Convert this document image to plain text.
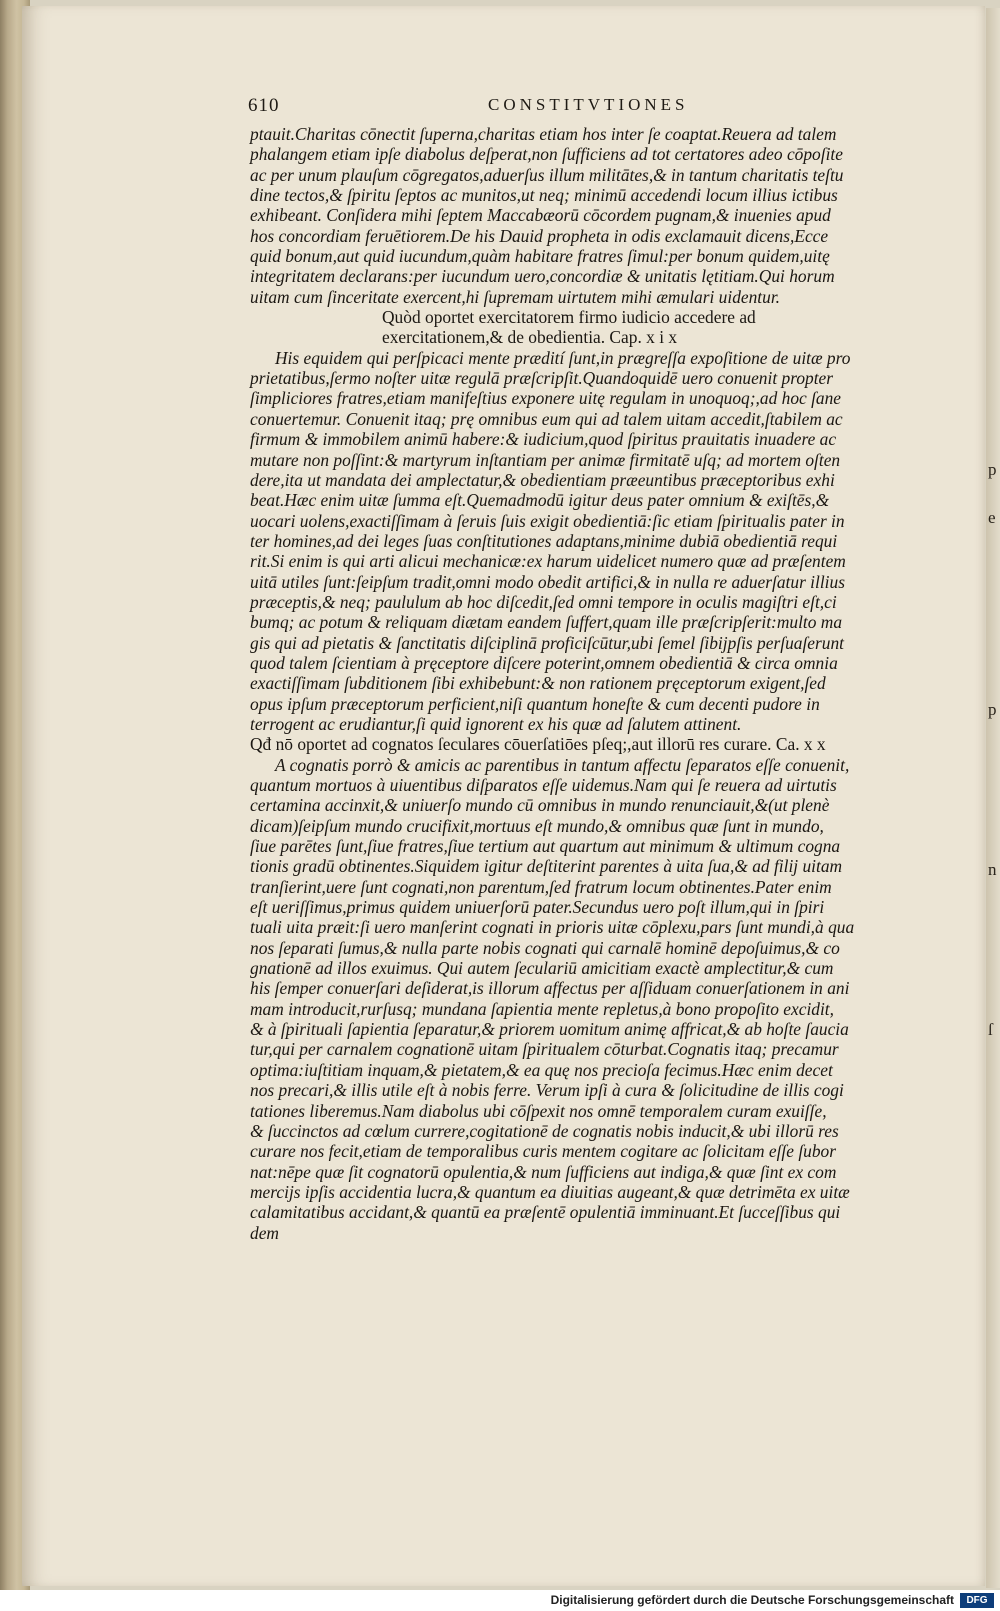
p
e
p
n
ſ
610	CONSTITVTIONES
ptauit.Charitas cōnectit ſuperna,charitas etiam hos inter ſe coaptat.Reuera ad talem
phalangem etiam ipſe diabolus deſperat,non ſufficiens ad tot certatores adeo cōpoſite
ac per unum plauſum cōgregatos,aduerſus illum militātes,& in tantum charitatis teſtu
dine tectos,& ſpiritu ſeptos ac munitos,ut neq; minimū accedendi locum illius ictibus
exhibeant. Conſidera mihi ſeptem Maccabæorū cōcordem pugnam,& inuenies apud
hos concordiam feruētiorem.De his Dauid propheta in odis exclamauit dicens,Ecce
quid bonum,aut quid iucundum,quàm habitare fratres ſimul:per bonum quidem,uitę
integritatem declarans:per iucundum uero,concordiæ & unitatis lętitiam.Qui horum
uitam cum ſinceritate exercent,hi ſupremam uirtutem mihi æmulari uidentur.
Quòd oportet exercitatorem firmo iudicio accedere ad
exercitationem,& de obedientia. Cap. x i x
His equidem qui perſpicaci mente prædití ſunt,in prægreſſa expoſitione de uitæ pro
prietatibus,ſermo noſter uitæ regulā præſcripſit.Quandoquidē uero conuenit propter
ſimpliciores fratres,etiam manifeſtius exponere uitę regulam in unoquoq;,ad hoc ſane
conuertemur. Conuenit itaq; prę omnibus eum qui ad talem uitam accedit,ſtabilem ac
firmum & immobilem animū habere:& iudicium,quod ſpiritus prauitatis inuadere ac
mutare non poſſint:& martyrum inſtantiam per animæ firmitatē uſq; ad mortem oſten
dere,ita ut mandata dei amplectatur,& obedientiam præeuntibus præceptoribus exhi
beat.Hæc enim uitæ ſumma eſt.Quemadmodū igitur deus pater omnium & exiſtēs,&
uocari uolens,exactiſſimam à ſeruis ſuis exigit obedientiā:ſic etiam ſpiritualis pater in
ter homines,ad dei leges ſuas conſtitutiones adaptans,minime dubiā obedientiā requi
rit.Si enim is qui arti alicui mechanicæ:ex harum uidelicet numero quæ ad præſentem
uitā utiles ſunt:ſeipſum tradit,omni modo obedit artifici,& in nulla re aduerſatur illius
præceptis,& neq; paululum ab hoc diſcedit,ſed omni tempore in oculis magiſtri eſt,ci
bumq; ac potum & reliquam diætam eandem ſuffert,quam ille præſcripſerit:multo ma
gis qui ad pietatis & ſanctitatis diſciplinā proficiſcūtur,ubi ſemel ſibijpſis perſuaſerunt
quod talem ſcientiam à pręceptore diſcere poterint,omnem obedientiā & circa omnia
exactiſſimam ſubditionem ſibi exhibebunt:& non rationem pręceptorum exigent,ſed
opus ipſum præceptorum perficient,niſi quantum honeſte & cum decenti pudore in
terrogent ac erudiantur,ſi quid ignorent ex his quæ ad ſalutem attinent.
Qđ nō oportet ad cognatos ſeculares cōuerſatiōes pſeq;,aut illorū res curare. Ca. x x
A cognatis porrò & amicis ac parentibus in tantum affectu ſeparatos eſſe conuenit,
quantum mortuos à uiuentibus diſparatos eſſe uidemus.Nam qui ſe reuera ad uirtutis
certamina accinxit,& uniuerſo mundo cū omnibus in mundo renunciauit,&(ut plenè
dicam)ſeipſum mundo crucifixit,mortuus eſt mundo,& omnibus quæ ſunt in mundo,
ſiue parētes ſunt,ſiue fratres,ſiue tertium aut quartum aut minimum & ultimum cogna
tionis gradū obtinentes.Siquidem igitur deſtiterint parentes à uita ſua,& ad filij uitam
tranſierint,uere ſunt cognati,non parentum,ſed fratrum locum obtinentes.Pater enim
eſt ueriſſimus,primus quidem uniuerſorū pater.Secundus uero poſt illum,qui in ſpiri
tuali uita præit:ſi uero manſerint cognati in prioris uitæ cōplexu,pars ſunt mundi,à qua
nos ſeparati ſumus,& nulla parte nobis cognati qui carnalē hominē depoſuimus,& co
gnationē ad illos exuimus. Qui autem ſeculariū amicitiam exactè amplectitur,& cum
his ſemper conuerſari deſiderat,is illorum affectus per aſſiduam conuerſationem in ani
mam introducit,rurſusq; mundana ſapientia mente repletus,à bono propoſito excidit,
& à ſpirituali ſapientia ſeparatur,& priorem uomitum animę affricat,& ab hoſte ſaucia
tur,qui per carnalem cognationē uitam ſpiritualem cōturbat.Cognatis itaq; precamur
optima:iuſtitiam inquam,& pietatem,& ea quę nos precioſa fecimus.Hæc enim decet
nos precari,& illis utile eſt à nobis ferre. Verum ipſi à cura & ſolicitudine de illis cogi
tationes liberemus.Nam diabolus ubi cōſpexit nos omnē temporalem curam exuiſſe,
& ſuccinctos ad cœlum currere,cogitationē de cognatis nobis inducit,& ubi illorū res
curare nos fecit,etiam de temporalibus curis mentem cogitare ac ſolicitam eſſe ſubor
nat:nēpe quæ ſit cognatorū opulentia,& num ſufficiens aut indiga,& quæ ſint ex com
mercijs ipſis accidentia lucra,& quantum ea diuitias augeant,& quæ detrimēta ex uitæ
calamitatibus accidant,& quantū ea præſentē opulentiā imminuant.Et ſucceſſibus qui
dem
Digitalisierung gefördert durch die Deutsche Forschungsgemeinschaft	DFG
